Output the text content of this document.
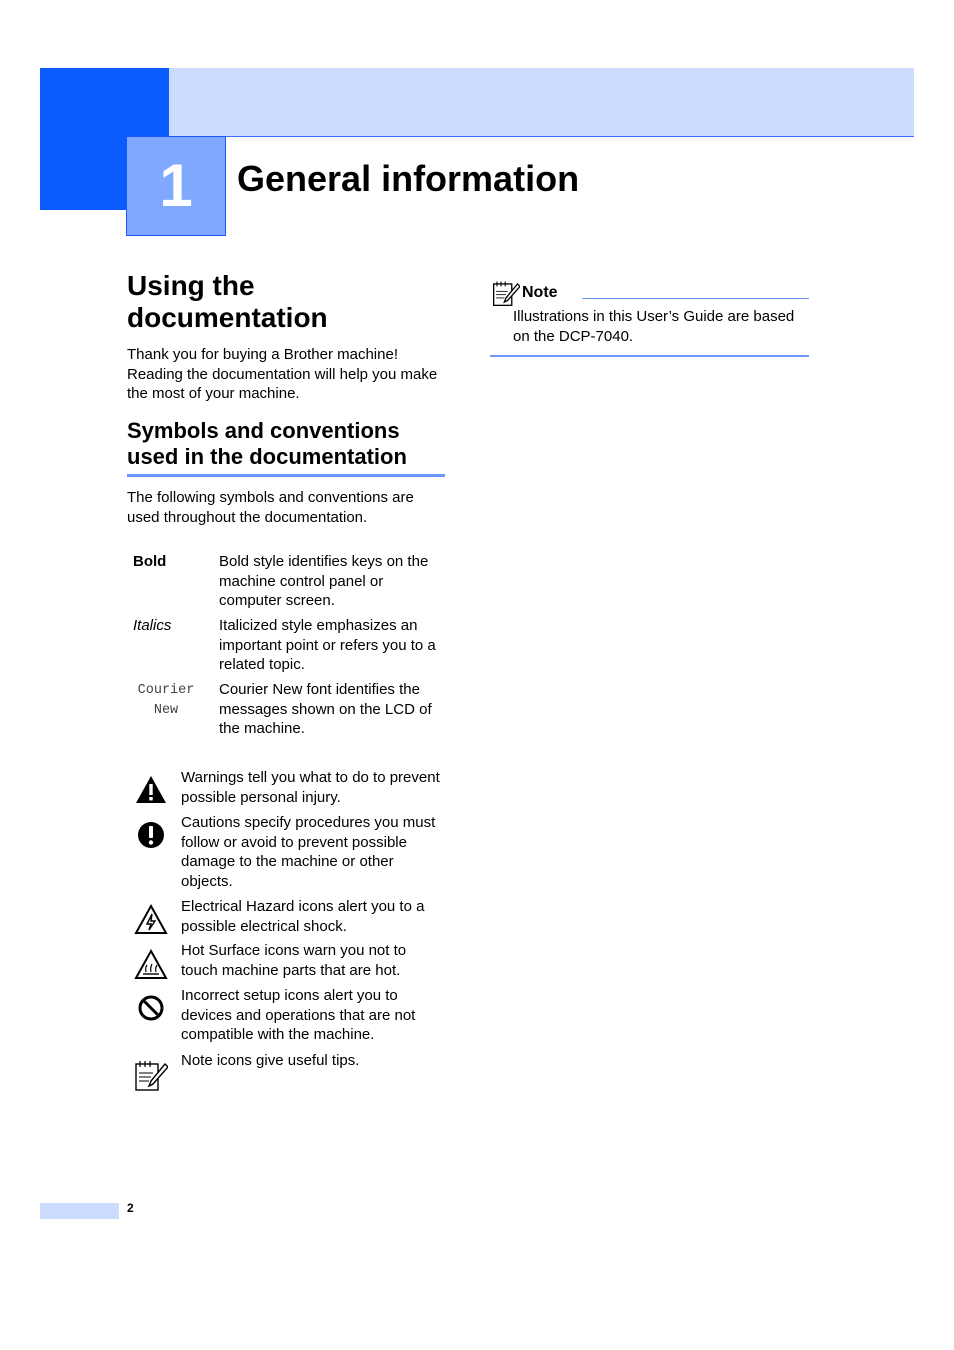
1 General information
Using the documentation
Thank you for buying a Brother machine! Reading the documentation will help you make the most of your machine.
Symbols and conventions used in the documentation
The following symbols and conventions are used throughout the documentation.
Bold	Bold style identifies keys on the machine control panel or computer screen.
Italics	Italicized style emphasizes an important point or refers you to a related topic.
Courier New
Courier New font identifies the messages shown on the LCD of the machine.
Warnings tell you what to do to prevent possible personal injury.
Cautions specify procedures you must follow or avoid to prevent possible damage to the machine or other objects.
Electrical Hazard icons alert you to a possible electrical shock.
Hot Surface icons warn you not to touch machine parts that are hot.
Incorrect setup icons alert you to devices and operations that are not compatible with the machine.
Note icons give useful tips.
Note
Illustrations in this User’s Guide are based on the DCP-7040.
2
